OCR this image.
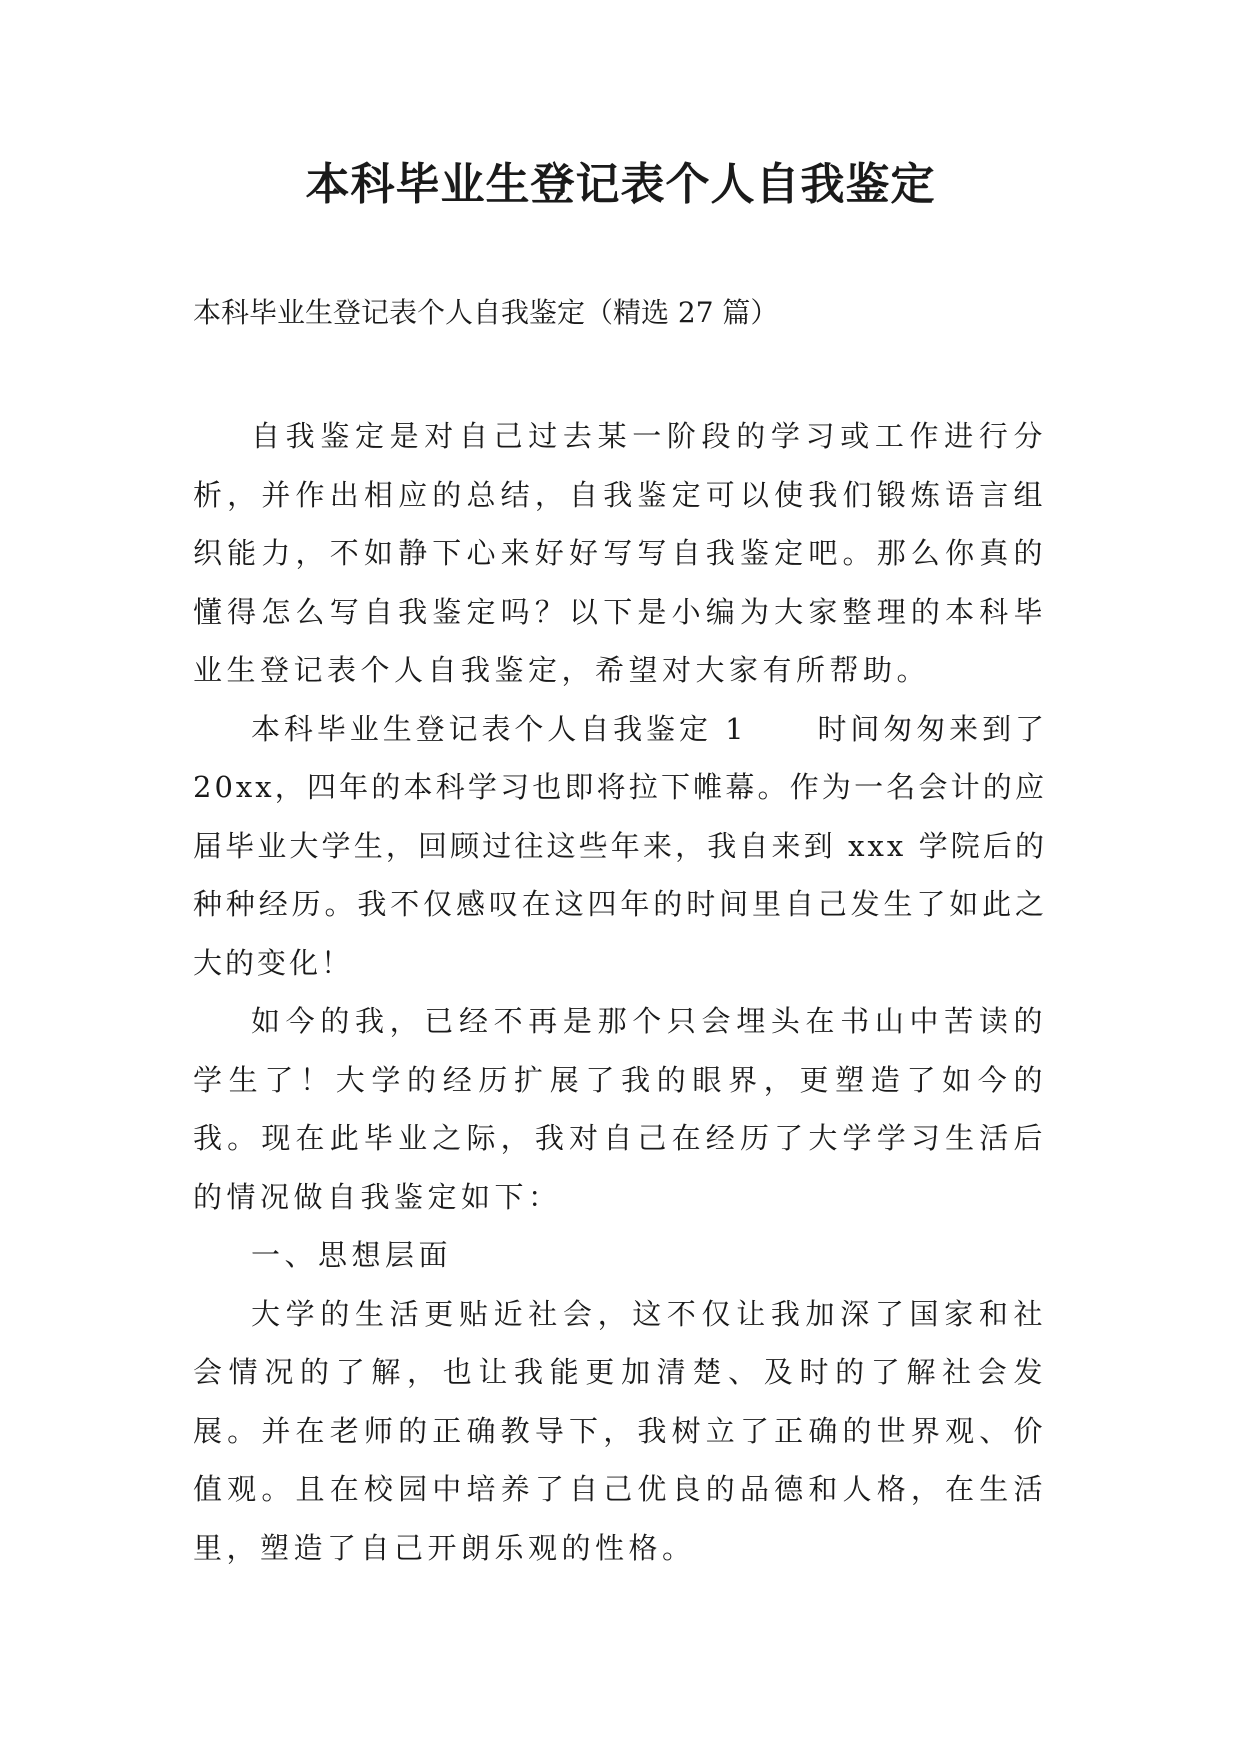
本科毕业生登记表个人自我鉴定

本科毕业生登记表个人自我鉴定（精选 27 篇）

自我鉴定是对自己过去某一阶段的学习或工作进行分析，并作出相应的总结，自我鉴定可以使我们锻炼语言组织能力，不如静下心来好好写写自我鉴定吧。那么你真的懂得怎么写自我鉴定吗？以下是小编为大家整理的本科毕业生登记表个人自我鉴定，希望对大家有所帮助。

本科毕业生登记表个人自我鉴定 1 时间匆匆来到了 20xx，四年的本科学习也即将拉下帷幕。作为一名会计的应届毕业大学生，回顾过往这些年来，我自来到 xxx 学院后的种种经历。我不仅感叹在这四年的时间里自己发生了如此之大的变化！

如今的我，已经不再是那个只会埋头在书山中苦读的学生了！大学的经历扩展了我的眼界，更塑造了如今的我。现在此毕业之际，我对自己在经历了大学学习生活后的情况做自我鉴定如下：

一、思想层面

大学的生活更贴近社会，这不仅让我加深了国家和社会情况的了解，也让我能更加清楚、及时的了解社会发展。并在老师的正确教导下，我树立了正确的世界观、价值观。且在校园中培养了自己优良的品德和人格，在生活里，塑造了自己开朗乐观的性格。
